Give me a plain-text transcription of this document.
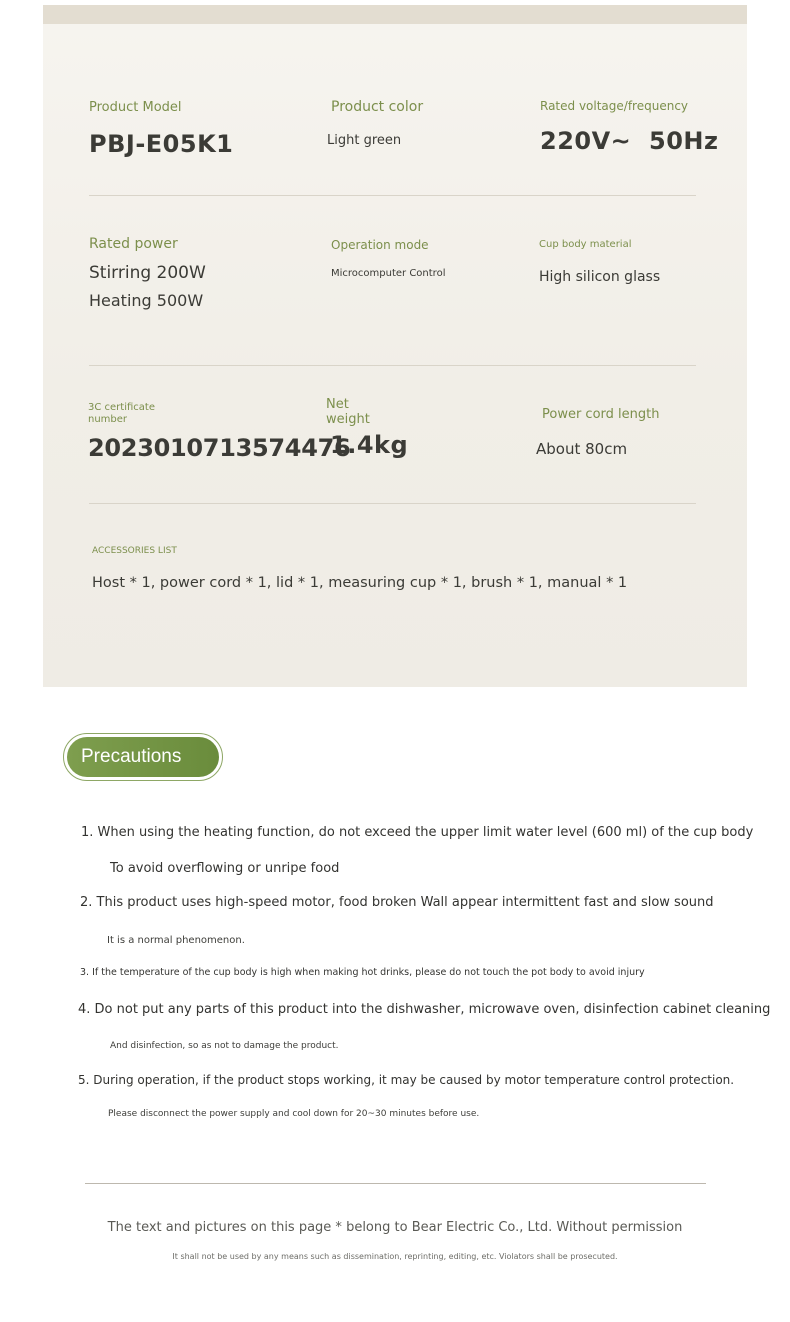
Product Model
PBJ-E05K1
Product color
Light green
Rated voltage/frequency
220V~  50Hz
Rated power
Stirring 200W
Heating 500W
Operation mode
Microcomputer Control
Cup body material
High silicon glass
3C certificate
number
2023010713574476
Net
weight
1.4kg
Power cord length
About 80cm
ACCESSORIES LIST
Host * 1, power cord * 1, lid * 1, measuring cup * 1, brush * 1, manual * 1
Precautions
1. When using the heating function, do not exceed the upper limit water level (600 ml) of the cup body
To avoid overflowing or unripe food
2. This product uses high-speed motor, food broken Wall appear intermittent fast and slow sound
It is a normal phenomenon.
3. If the temperature of the cup body is high when making hot drinks, please do not touch the pot body to avoid injury
4. Do not put any parts of this product into the dishwasher, microwave oven, disinfection cabinet cleaning
And disinfection, so as not to damage the product.
5. During operation, if the product stops working, it may be caused by motor temperature control protection.
Please disconnect the power supply and cool down for 20~30 minutes before use.
The text and pictures on this page * belong to Bear Electric Co., Ltd. Without permission
It shall not be used by any means such as dissemination, reprinting, editing, etc. Violators shall be prosecuted.
